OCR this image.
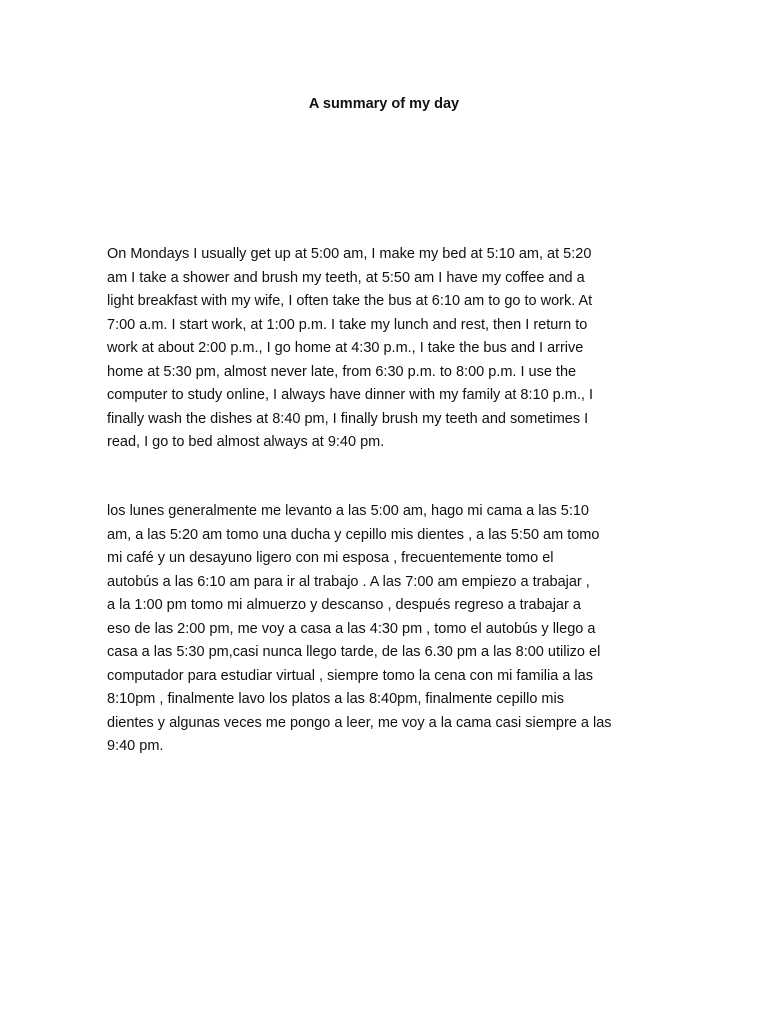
A summary of my day
On Mondays I usually get up at 5:00 am, I make my bed at 5:10 am, at 5:20
am I take a shower and brush my teeth, at 5:50 am I have my coffee and a
light breakfast with my wife, I often take the bus at 6:10 am to go to work. At
7:00 a.m. I start work, at 1:00 p.m. I take my lunch and rest, then I return to
work at about 2:00 p.m., I go home at 4:30 p.m., I take the bus and I arrive
home at 5:30 pm, almost never late, from 6:30 p.m. to 8:00 p.m. I use the
computer to study online, I always have dinner with my family at 8:10 p.m., I
finally wash the dishes at 8:40 pm, I finally brush my teeth and sometimes I
read, I go to bed almost always at 9:40 pm.
los lunes generalmente me levanto a las 5:00 am, hago mi cama a las 5:10
am, a las 5:20 am tomo una ducha y cepillo mis dientes , a las 5:50 am tomo
mi café y un desayuno ligero con mi esposa , frecuentemente tomo el
autobús a las 6:10 am para ir al trabajo . A las 7:00 am empiezo a trabajar ,
a la 1:00 pm tomo mi almuerzo y descanso , después regreso a trabajar a
eso de las 2:00 pm, me voy a casa a las 4:30 pm , tomo el autobús y llego a
casa a las 5:30 pm,casi nunca llego tarde, de las 6.30 pm a las 8:00 utilizo el
computador para estudiar virtual , siempre tomo la cena con mi familia a las
8:10pm , finalmente lavo los platos a las 8:40pm, finalmente cepillo mis
dientes y algunas veces me pongo a leer, me voy a la cama casi siempre a las
9:40 pm.
